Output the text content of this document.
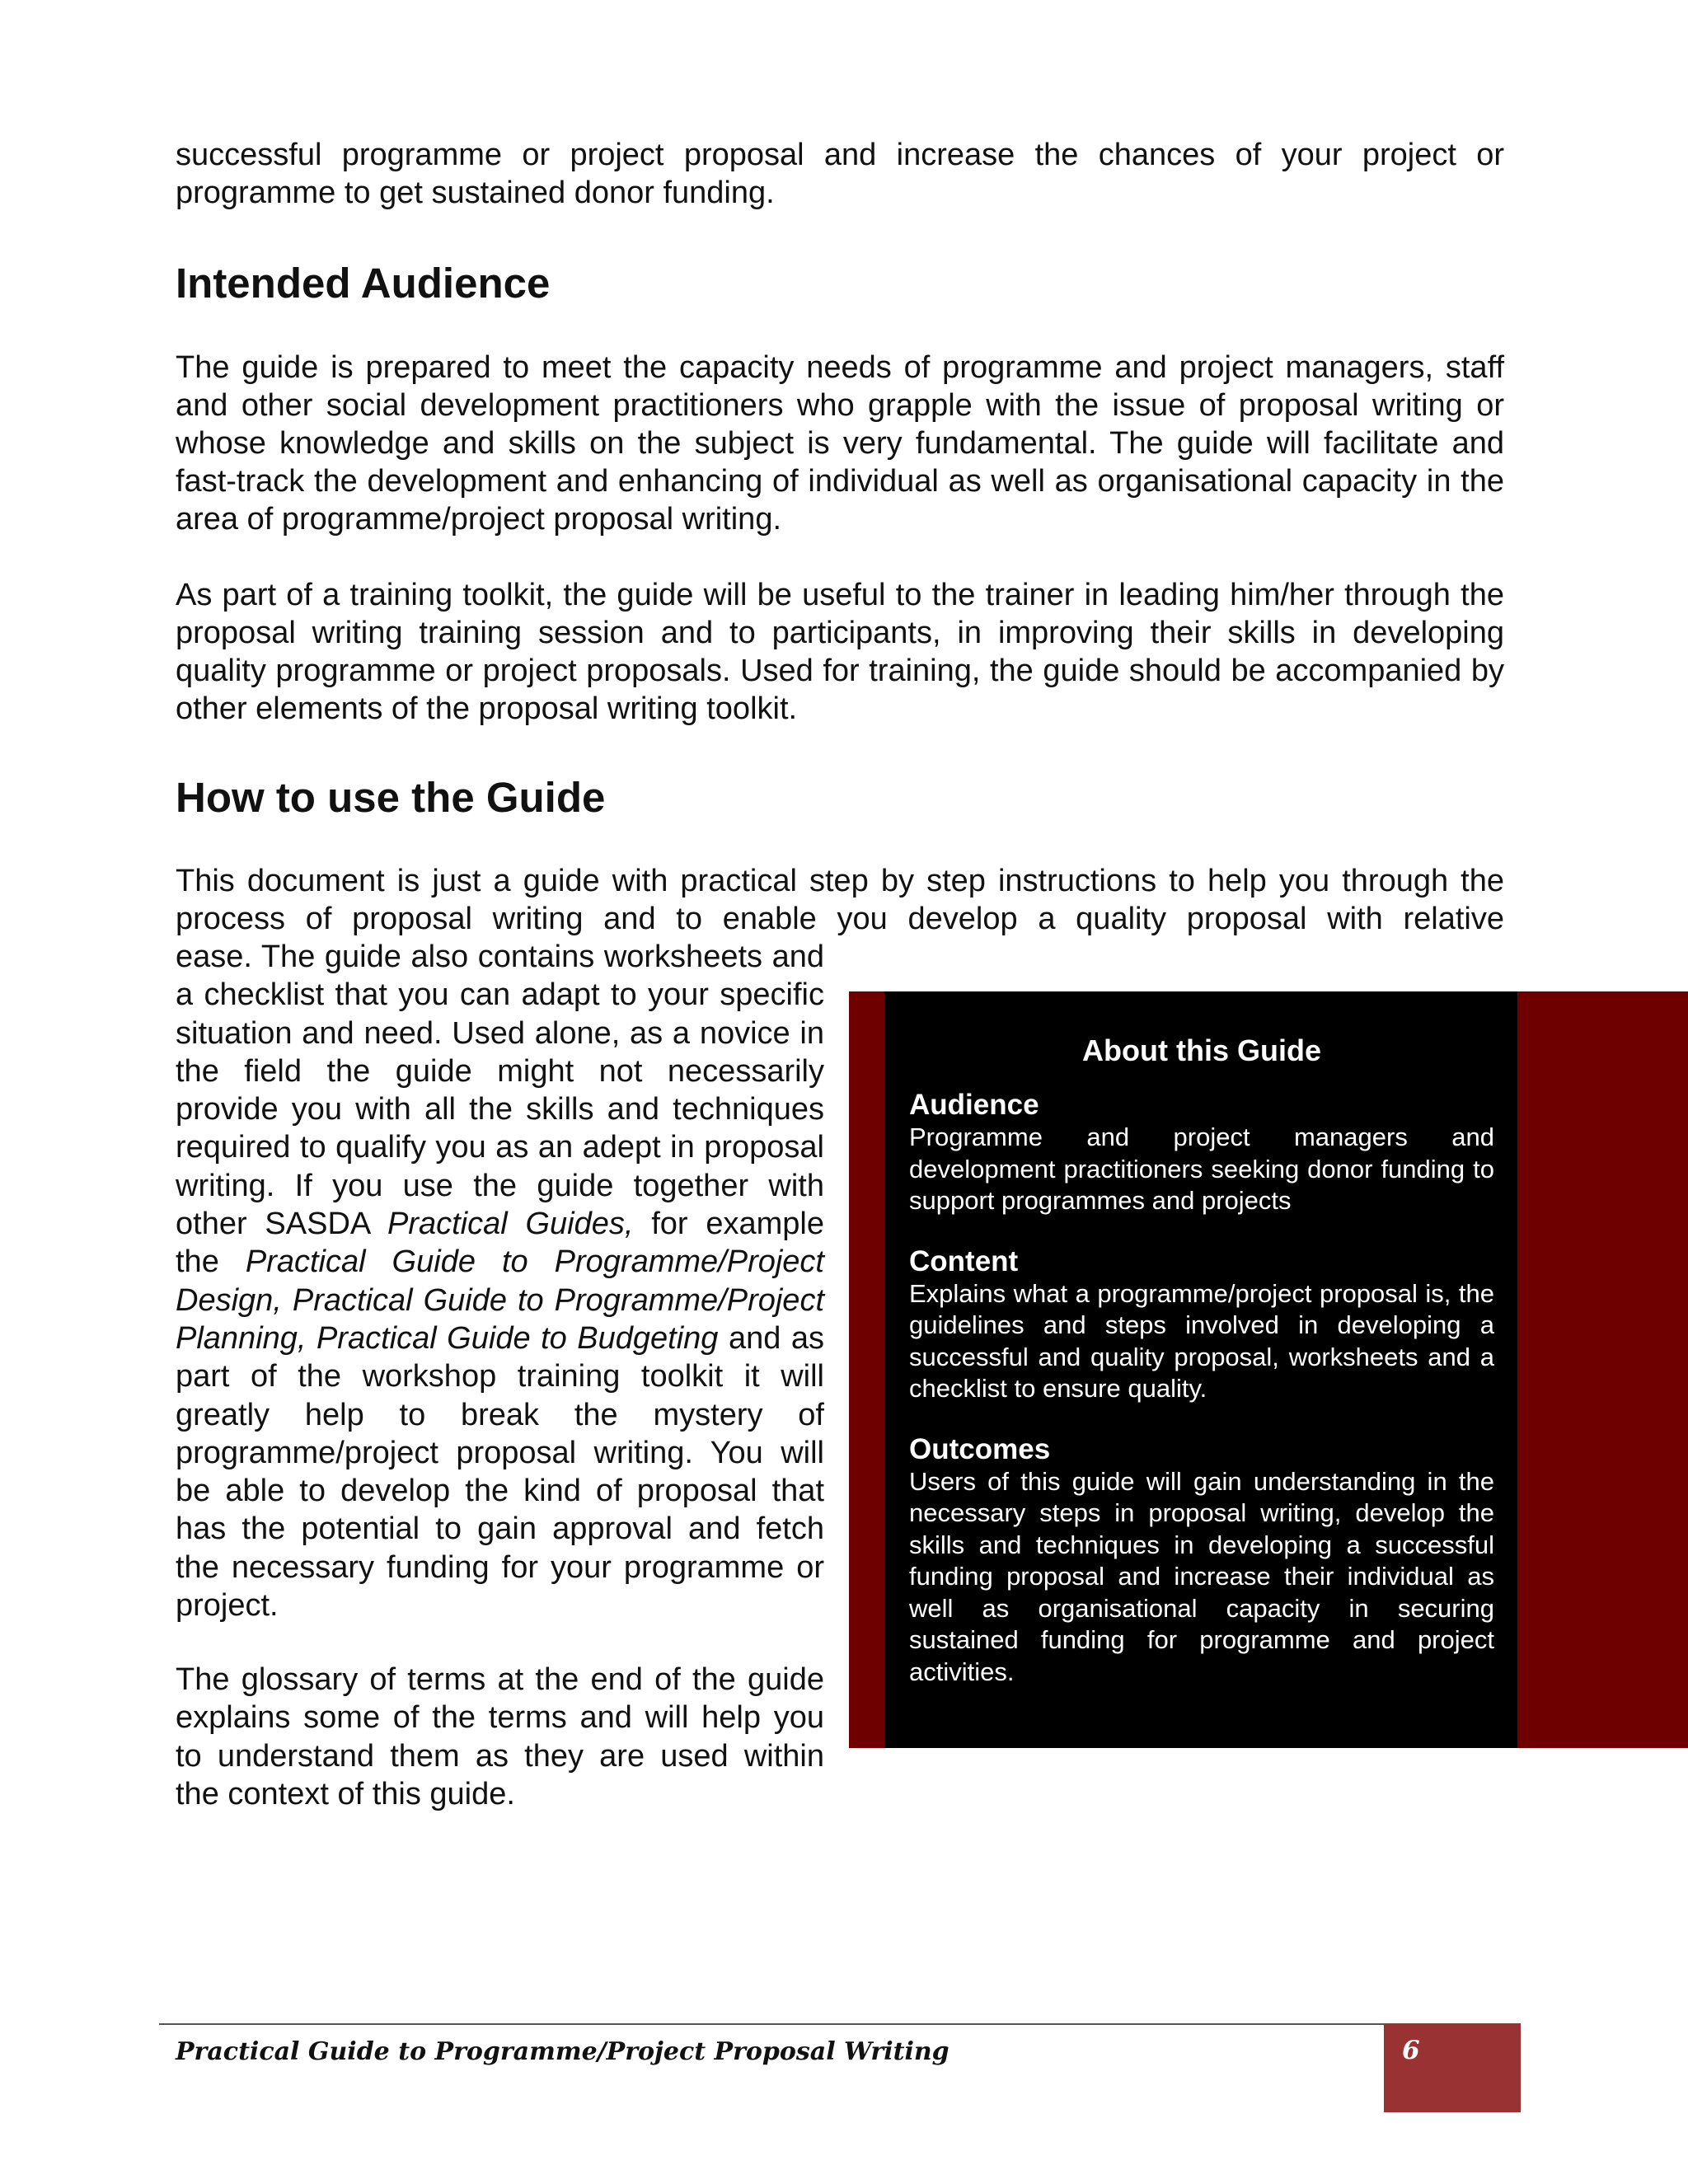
successful programme or project proposal and increase the chances of your project or programme to get sustained donor funding.

Intended Audience

The guide is prepared to meet the capacity needs of programme and project managers, staff and other social development practitioners who grapple with the issue of proposal writing or whose knowledge and skills on the subject is very fundamental. The guide will facilitate and fast-track the development and enhancing of individual as well as organisational capacity in the area of programme/project proposal writing.

As part of a training toolkit, the guide will be useful to the trainer in leading him/her through the proposal writing training session and to participants, in improving their skills in developing quality programme or project proposals. Used for training, the guide should be accompanied by other elements of the proposal writing toolkit.

How to use the Guide

This document is just a guide with practical step by step instructions to help you through the process of proposal writing and to enable you develop a quality proposal with relative

ease. The guide also contains worksheets and a checklist that you can adapt to your specific situation and need. Used alone, as a novice in the field the guide might not necessarily provide you with all the skills and techniques required to qualify you as an adept in proposal writing. If you use the guide together with other SASDA Practical Guides, for example the Practical Guide to Programme/Project Design, Practical Guide to Programme/Project Planning, Practical Guide to Budgeting and as part of the workshop training toolkit it will greatly help to break the mystery of programme/project proposal writing. You will be able to develop the kind of proposal that has the potential to gain approval and fetch the necessary funding for your programme or project.

The glossary of terms at the end of the guide explains some of the terms and will help you to understand them as they are used within the context of this guide.

About this Guide
Audience
Programme and project managers and development practitioners seeking donor funding to support programmes and projects
Content
Explains what a programme/project proposal is, the guidelines and steps involved in developing a successful and quality proposal, worksheets and a checklist to ensure quality.
Outcomes
Users of this guide will gain understanding in the necessary steps in proposal writing, develop the skills and techniques in developing a successful funding proposal and increase their individual as well as organisational capacity in securing sustained funding for programme and project activities.
Practical Guide to Programme/Project Proposal Writing	6
